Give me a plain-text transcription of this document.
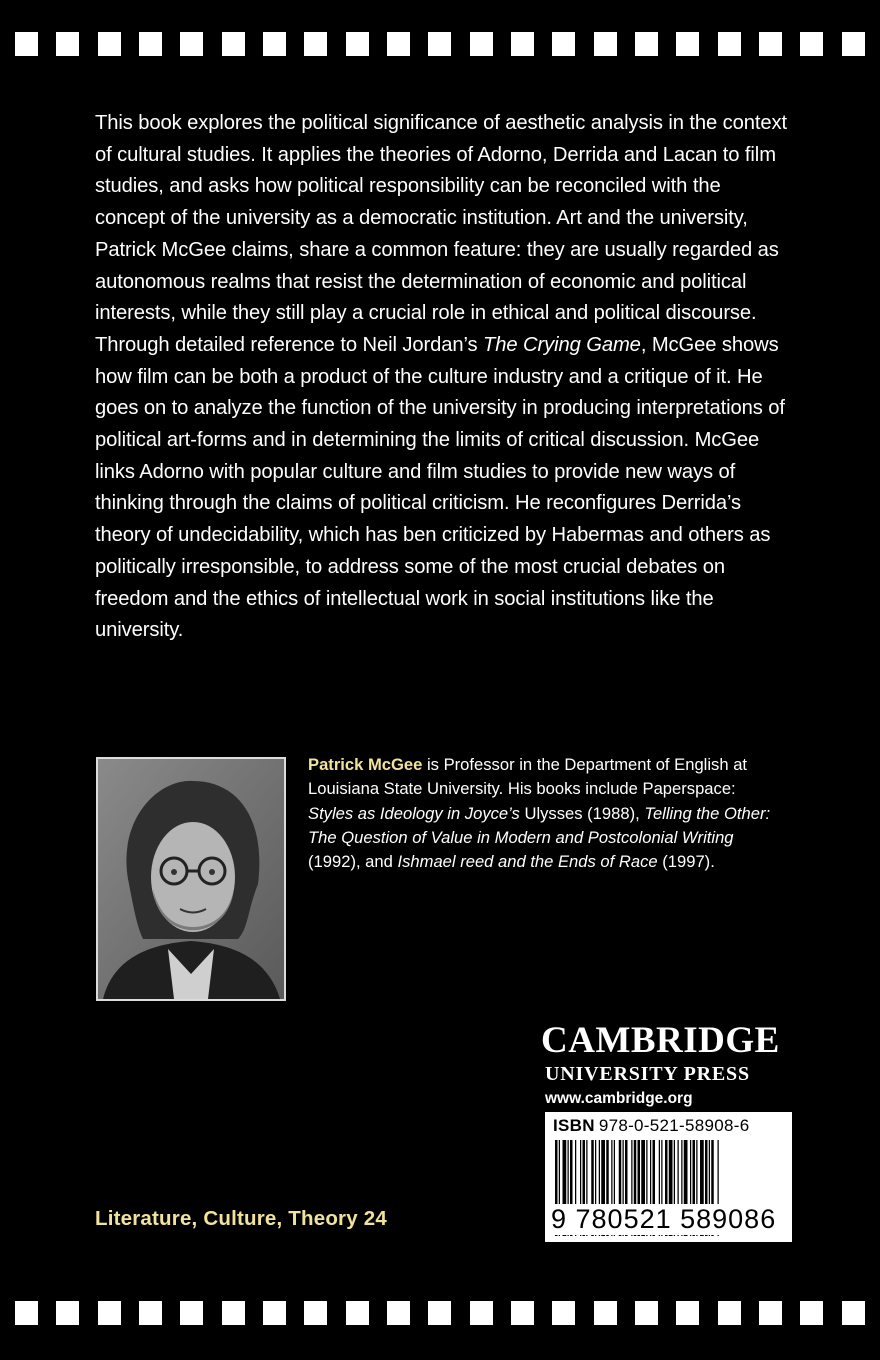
This book explores the political significance of aesthetic analysis in the context of cultural studies. It applies the theories of Adorno, Derrida and Lacan to film studies, and asks how political responsibility can be reconciled with the concept of the university as a democratic institution. Art and the university, Patrick McGee claims, share a common feature: they are usually regarded as autonomous realms that resist the determination of economic and political interests, while they still play a crucial role in ethical and political discourse. Through detailed reference to Neil Jordan’s The Crying Game, McGee shows how film can be both a product of the culture industry and a critique of it. He goes on to analyze the function of the university in producing interpretations of political art-forms and in determining the limits of critical discussion. McGee links Adorno with popular culture and film studies to provide new ways of thinking through the claims of political criticism. He reconfigures Derrida’s theory of undecidability, which has ben criticized by Habermas and others as politically irresponsible, to address some of the most crucial debates on freedom and the ethics of intellectual work in social institutions like the university.

Patrick McGee is Professor in the Department of English at Louisiana State University. His books include Paperspace: Styles as Ideology in Joyce’s Ulysses (1988), Telling the Other: The Question of Value in Modern and Postcolonial Writing (1992), and Ishmael reed and the Ends of Race (1997).

CAMBRIDGE
UNIVERSITY PRESS
www.cambridge.org
ISBN 978-0-521-58908-6
9 780521 589086
Literature, Culture, Theory 24
